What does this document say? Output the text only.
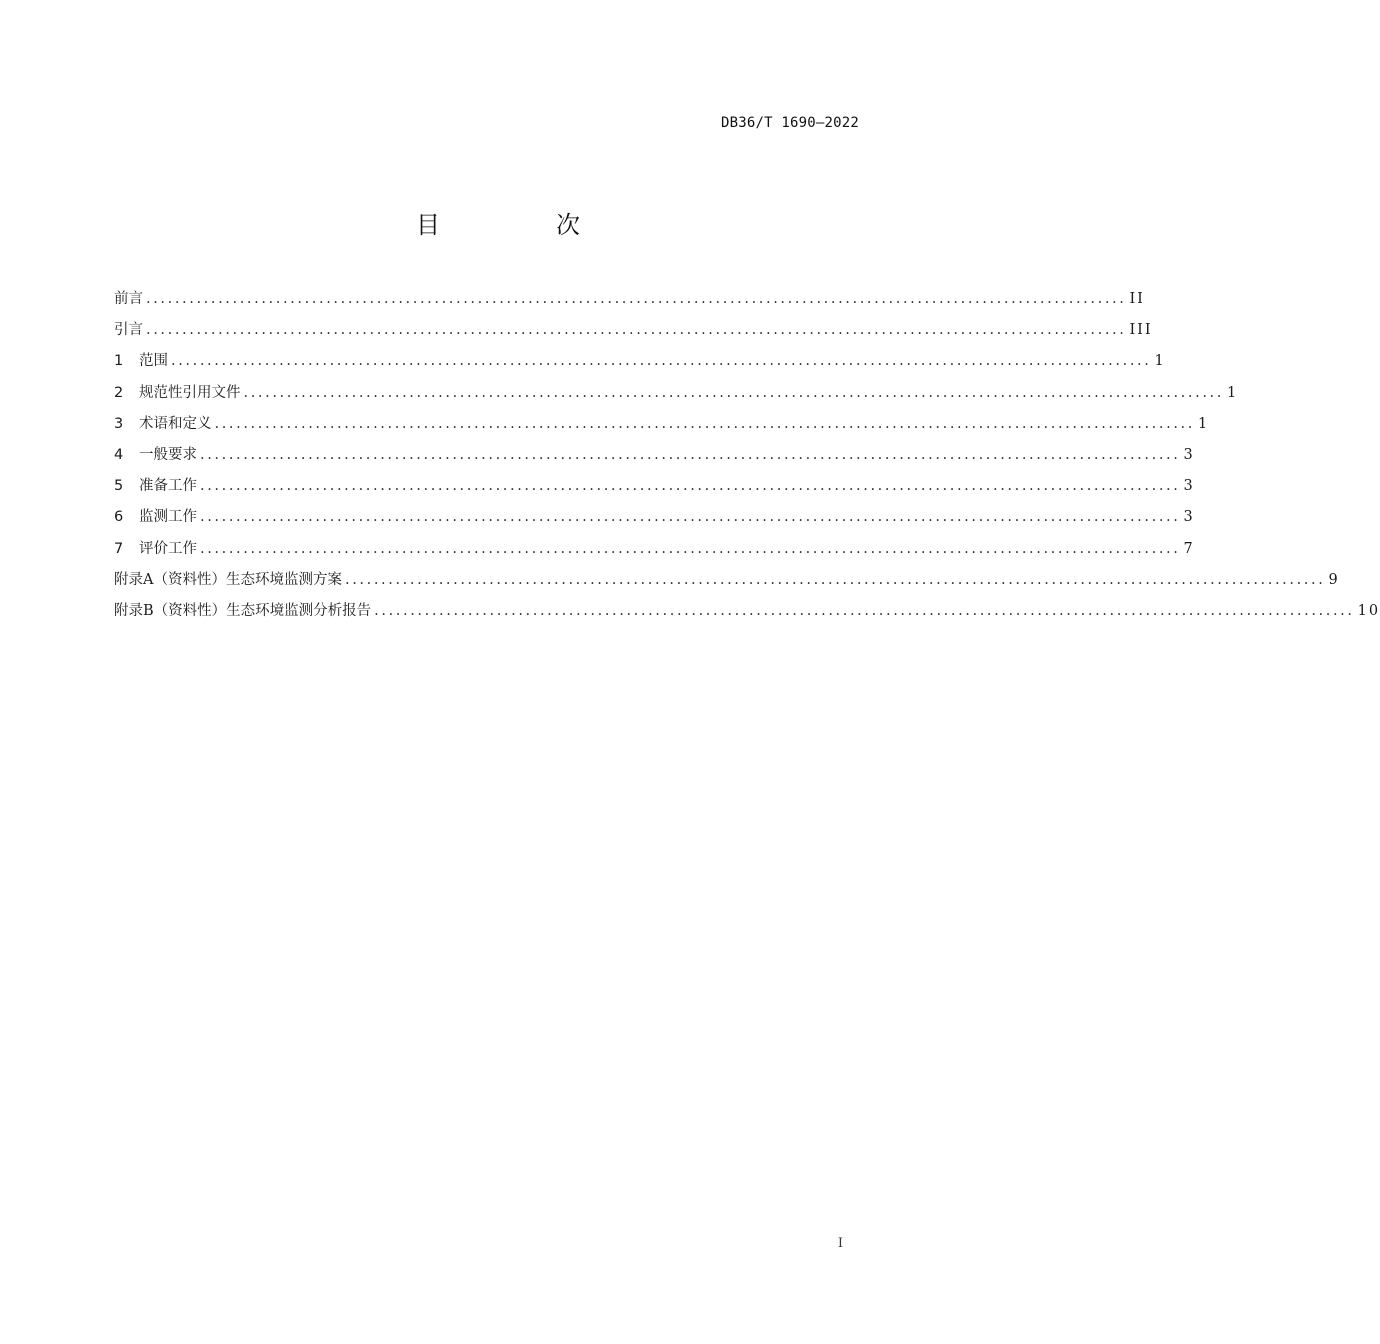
DB36/T 1690—2022
目　次
前言 ........................................................................................................................................ II
引言 ........................................................................................................................................ III
1	范围 ........................................................................................................................................ 1
2	规范性引用文件 ........................................................................................................................................ 1
3	术语和定义 ........................................................................................................................................ 1
4	一般要求 ........................................................................................................................................ 3
5	准备工作 ........................................................................................................................................ 3
6	监测工作 ........................................................................................................................................ 3
7	评价工作 ........................................................................................................................................ 7
附录A（资料性）生态环境监测方案 ........................................................................................................................................ 9
附录B（资料性）生态环境监测分析报告 ........................................................................................................................................ 10
I
